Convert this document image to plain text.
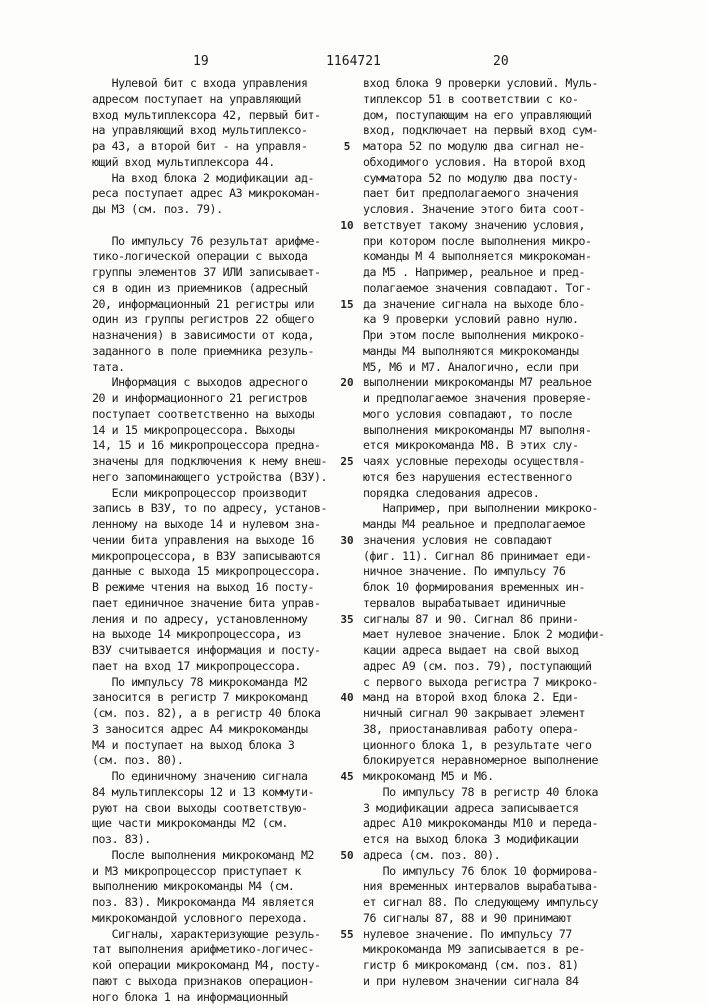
19	1164721	20
Нулевой бит с входа управления
адресом поступает на управляющий
вход мультиплексора 42, первый бит-
на управляющий вход мультиплексо-
ра 43, а второй бит - на управля-
ющий вход мультиплексора 44.
На вход блока 2 модификации ад-
реса поступает адрес А3 микрокоман-
ды М3 (см. поз. 79).
По импульсу 76 результат арифме-
тико-логической операции с выхода
группы элементов 37 ИЛИ записывает-
ся в один из приемников (адресный
20, информационный 21 регистры или
один из группы регистров 22 общего
назначения) в зависимости от кода,
заданного в поле приемника резуль-
тата.
Информация с выходов адресного
20 и информационного 21 регистров
поступает соответственно на выходы
14 и 15 микропроцессора. Выходы
14, 15 и 16 микропроцессора предна-
значены для подключения к нему внеш-
него запоминающего устройства (ВЗУ).
Если микропроцессор производит
запись в ВЗУ, то по адресу, установ-
ленному на выходе 14 и нулевом зна-
чении бита управления на выходе 16
микропроцессора, в ВЗУ записываются
данные с выхода 15 микропроцессора.
В режиме чтения на выход 16 посту-
пает единичное значение бита управ-
ления и по адресу, установленному
на выходе 14 микропроцессора, из
ВЗУ считывается информация и посту-
пает на вход 17 микропроцессора.
По импульсу 78 микрокоманда М2
заносится в регистр 7 микрокоманд
(см. поз. 82), а в регистр 40 блока
3 заносится адрес А4 микрокоманды
М4 и поступает на выход блока 3
(см. поз. 80).
По единичному значению сигнала
84 мультиплексоры 12 и 13 коммути-
руют на свои выходы соответствую-
щие части микрокоманды М2 (см.
поз. 83).
После выполнения микрокоманд М2
и М3 микропроцессор приступает к
выполнению микрокоманды М4 (см.
поз. 83). Микрокоманда М4 является
микрокомандой условного перехода.
Сигналы, характеризующие резуль-
тат выполнения арифметико-логичес-
кой операции микрокоманд М4, посту-
пают с выхода признаков операцион-
ного блока 1 на информационный
вход блока 9 проверки условий. Муль-
типлексор 51 в соответствии с ко-
дом, поступающим на его управляющий
вход, подключает на первый вход сум-
матора 52 по модулю два сигнал не-
обходимого условия. На второй вход
сумматора 52 по модулю два посту-
пает бит предполагаемого значения
условия. Значение этого бита соот-
ветствует такому значению условия,
при котором после выполнения микро-
команды М 4 выполняется микрокоман-
да М5 . Например, реальное и пред-
полагаемое значения совпадают. Тог-
да значение сигнала на выходе бло-
ка 9 проверки условий равно нулю.
При этом после выполнения микроко-
манды М4 выполняются микрокоманды
М5, М6 и М7. Аналогично, если при
выполнении микрокоманды М7 реальное
и предполагаемое значения проверяе-
мого условия совпадают, то после
выполнения микрокоманды М7 выполня-
ется микрокоманда М8. В этих слу-
чаях условные переходы осуществля-
ются без нарушения естественного
порядка следования адресов.
Например, при выполнении микроко-
манды М4 реальное и предполагаемое
значения условия не совпадают
(фиг. 11). Сигнал 86 принимает еди-
ничное значение. По импульсу 76
блок 10 формирования временных ин-
тервалов вырабатывает идиничные
сигналы 87 и 90. Сигнал 86 прини-
мает нулевое значение. Блок 2 модифи-
кации адреса выдает на свой выход
адрес А9 (см. поз. 79), поступающий
с первого выхода регистра 7 микроко-
манд на второй вход блока 2. Еди-
ничный сигнал 90 закрывает элемент
38, приостанавливая работу опера-
ционного блока 1, в результате чего
блокируется неравномерное выполнение
микрокоманд М5 и М6.
По импульсу 78 в регистр 40 блока
3 модификации адреса записывается
адрес А10 микрокоманды М10 и переда-
ется на выход блока 3 модификации
адреса (см. поз. 80).
По импульсу 76 блок 10 формирова-
ния временных интервалов вырабатыва-
ет сигнал 88. По следующему импульсу
76 сигналы 87, 88 и 90 принимают
нулевое значение. По импульсу 77
микрокоманда М9 записывается в ре-
гистр 6 микрокоманд (см. поз. 81)
и при нулевом значении сигнала 84
5
10
15
20
25
30
35
40
45
50
55
